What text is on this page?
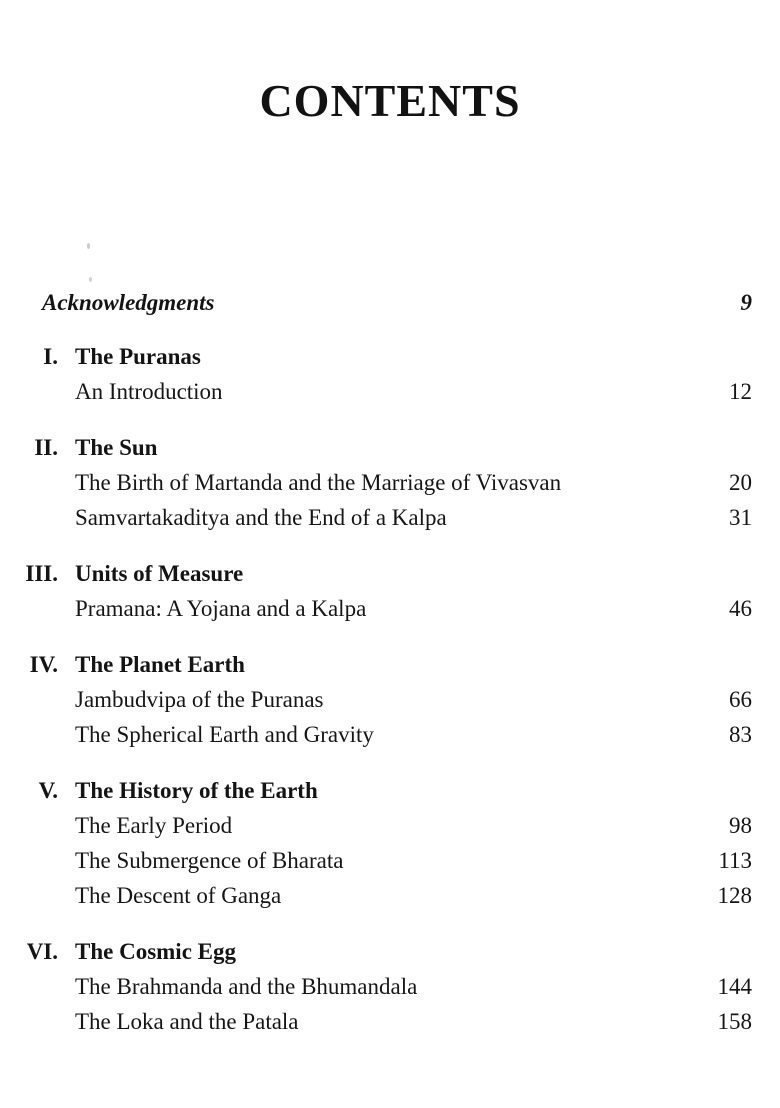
CONTENTS
Acknowledgments	9
I. The Puranas
An Introduction	12
II. The Sun
The Birth of Martanda and the Marriage of Vivasvan	20
Samvartakaditya and the End of a Kalpa	31
III. Units of Measure
Pramana: A Yojana and a Kalpa	46
IV. The Planet Earth
Jambudvipa of the Puranas	66
The Spherical Earth and Gravity	83
V. The History of the Earth
The Early Period	98
The Submergence of Bharata	113
The Descent of Ganga	128
VI. The Cosmic Egg
The Brahmanda and the Bhumandala	144
The Loka and the Patala	158
